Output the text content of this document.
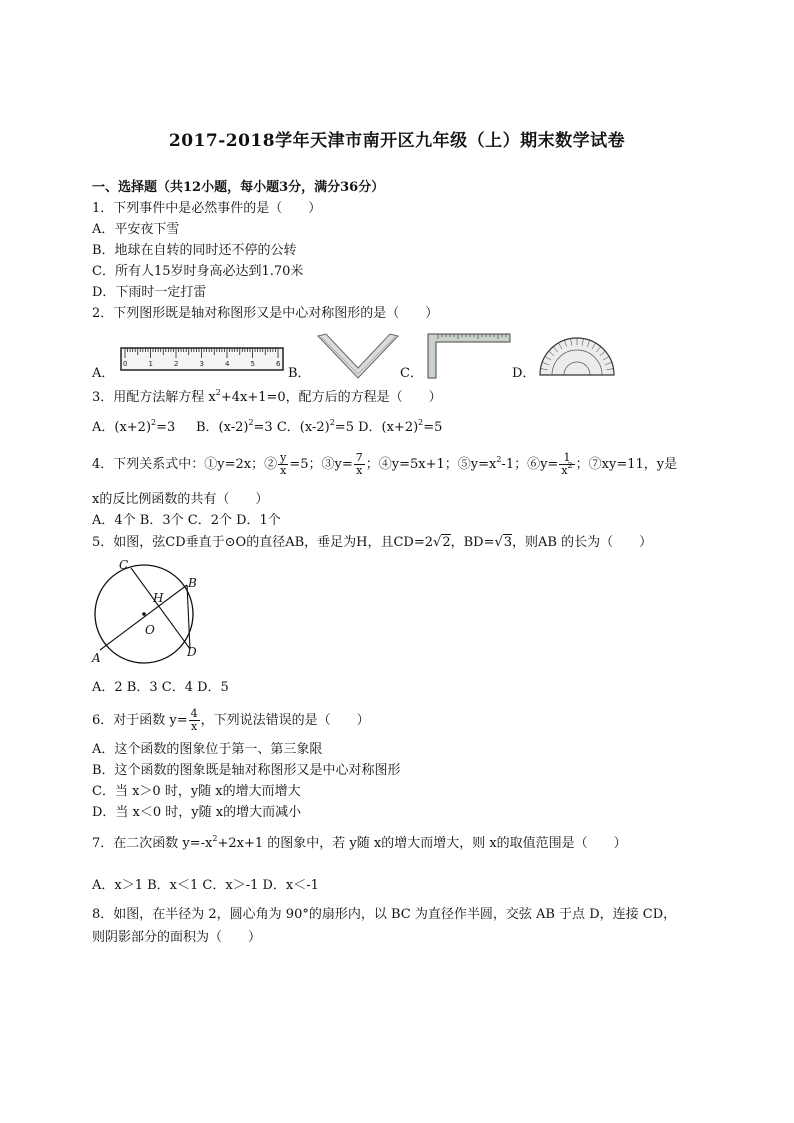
2017-2018学年天津市南开区九年级（上）期末数学试卷
一、选择题（共12小题，每小题3分，满分36分）
1．下列事件中是必然事件的是（　　）
A．平安夜下雪
B．地球在自转的同时还不停的公转
C．所有人15岁时身高必达到1.70米
D．下雨时一定打雷
2．下列图形既是轴对称图形又是中心对称图形的是（　　）
A．
0	1	2	3	4	5	6
B．	C．	D．
3．用配方法解方程 $x^2+4x+1=0$，配方后的方程是（　　）
A．$(x+2)^2=3$ B．$(x-2)^2=3$ C．$(x-2)^2=5$ D．$(x+2)^2=5$
4．下列关系式中：①y=2x；② $\frac{y}{x} =5$；③y= $\frac{7}{x}$ ；④y=5x+1；$⑤y=x^2-1$；⑥y= $\frac{1}{x^2}$ ；⑦xy=11，y是
x的反比例函数的共有（　　）
A．4个 B．3个 C．2个 D．1个
5．如图，弦CD垂直于⊙O的直径AB，垂足为H，且CD=2√2，BD=√3，则AB 的长为（　　）
C
B
H
O
A	D
A．2 B．3 C．4 D．5
6．对于函数 $y= \frac{4}{x}$ ，下列说法错误的是（　　）
A．这个函数的图象位于第一、第三象限
B．这个函数的图象既是轴对称图形又是中心对称图形
C．当 x＞0 时，y随 x的增大而增大
D．当 x＜0 时，y随 x的增大而减小
7．在二次函数 $y=-x^2+2x+1$ 的图象中，若 y随 x的增大而增大，则 x的取值范围是（　　）
A．x＞1 B．x＜1 C．x＞-1 D．x＜-1
8．如图，在半径为 2，圆心角为 90°的扇形内，以 BC 为直径作半圆，交弦 AB 于点 D，连接 CD，
则阴影部分的面积为（　　）
